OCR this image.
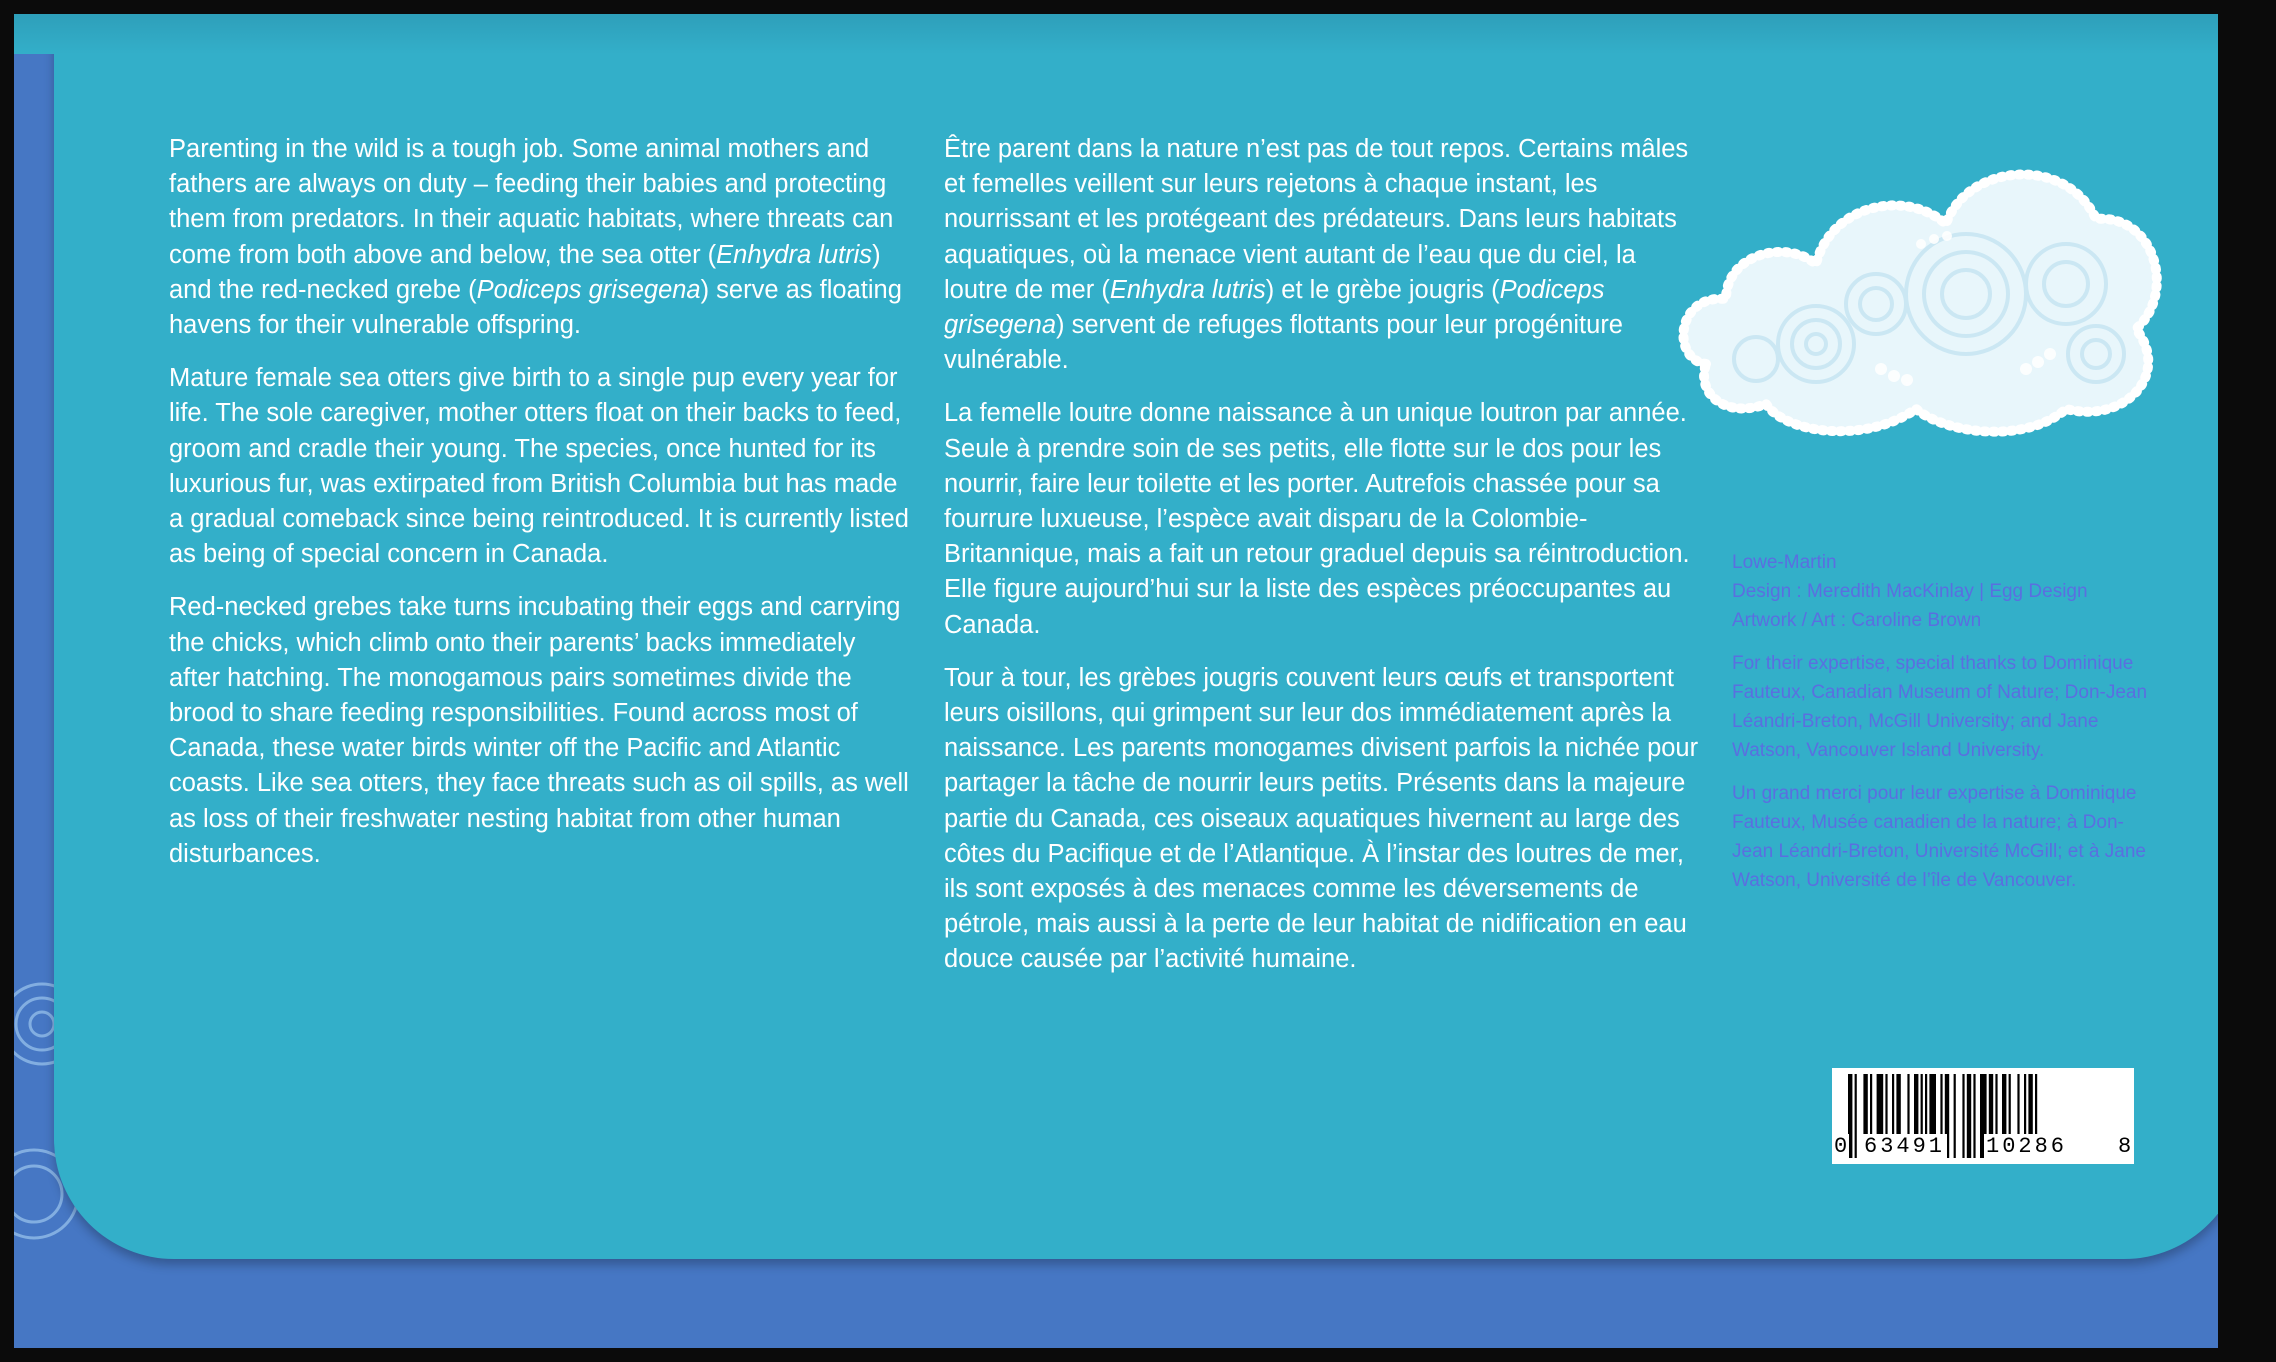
Parenting in the wild is a tough job. Some animal mothers and fathers are always on duty – feeding their babies and protecting them from predators. In their aquatic habitats, where threats can come from both above and below, the sea otter (Enhydra lutris) and the red-necked grebe (Podiceps grisegena) serve as floating havens for their vulnerable offspring.

Mature female sea otters give birth to a single pup every year for life. The sole caregiver, mother otters float on their backs to feed, groom and cradle their young. The species, once hunted for its luxurious fur, was extirpated from British Columbia but has made a gradual comeback since being reintroduced. It is currently listed as being of special concern in Canada.

Red-necked grebes take turns incubating their eggs and carrying the chicks, which climb onto their parents’ backs immediately after hatching. The monogamous pairs sometimes divide the brood to share feeding responsibilities. Found across most of Canada, these water birds winter off the Pacific and Atlantic coasts. Like sea otters, they face threats such as oil spills, as well as loss of their freshwater nesting habitat from other human disturbances.

Être parent dans la nature n’est pas de tout repos. Certains mâles et femelles veillent sur leurs rejetons à chaque instant, les nourrissant et les protégeant des prédateurs. Dans leurs habitats aquatiques, où la menace vient autant de l’eau que du ciel, la loutre de mer (Enhydra lutris) et le grèbe jougris (Podiceps grisegena) servent de refuges flottants pour leur progéniture vulnérable.

La femelle loutre donne naissance à un unique loutron par année. Seule à prendre soin de ses petits, elle flotte sur le dos pour les nourrir, faire leur toilette et les porter. Autrefois chassée pour sa fourrure luxueuse, l’espèce avait disparu de la Colombie-Britannique, mais a fait un retour graduel depuis sa réintroduction. Elle figure aujourd’hui sur la liste des espèces préoccupantes au Canada.

Tour à tour, les grèbes jougris couvent leurs œufs et transportent leurs oisillons, qui grimpent sur leur dos immédiatement après la naissance. Les parents monogames divisent parfois la nichée pour partager la tâche de nourrir leurs petits. Présents dans la majeure partie du Canada, ces oiseaux aquatiques hivernent au large des côtes du Pacifique et de l’Atlantique. À l’instar des loutres de mer, ils sont exposés à des menaces comme les déversements de pétrole, mais aussi à la perte de leur habitat de nidification en eau douce causée par l’activité humaine.

Lowe-Martin
Design : Meredith MacKinlay | Egg Design
Artwork / Art : Caroline Brown

For their expertise, special thanks to Dominique Fauteux, Canadian Museum of Nature; Don-Jean Léandri-Breton, McGill University; and Jane Watson, Vancouver Island University.

Un grand merci pour leur expertise à Dominique Fauteux, Musée canadien de la nature; à Don-Jean Léandri-Breton, Université McGill; et à Jane Watson, Université de l’île de Vancouver.

0 63491 10286 8
